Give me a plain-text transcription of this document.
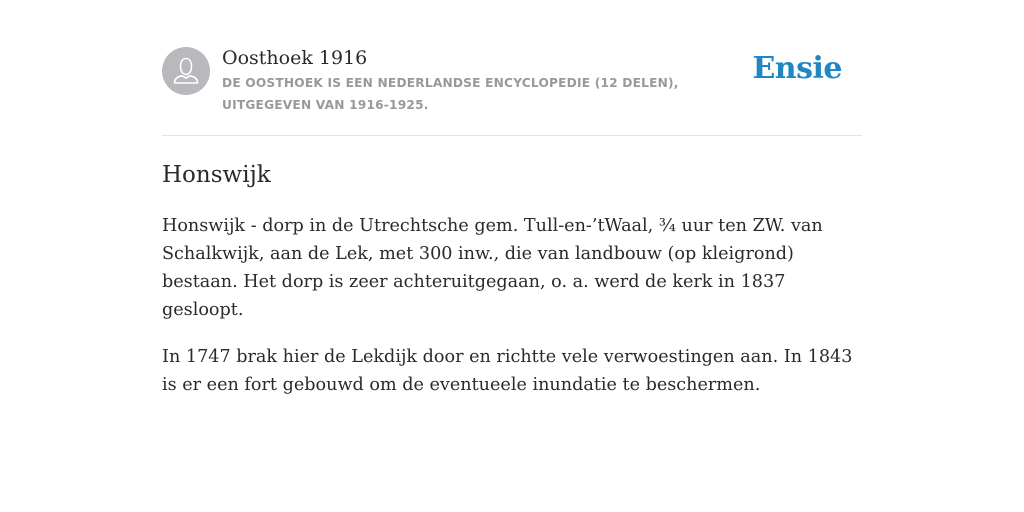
Oosthoek 1916
DE OOSTHOEK IS EEN NEDERLANDSE ENCYCLOPEDIE (12 DELEN), UITGEGEVEN VAN 1916-1925.
Ensie
Honswijk

Honswijk - dorp in de Utrechtsche gem. Tull-en-’tWaal, ¾ uur ten ZW. van Schalkwijk, aan de Lek, met 300 inw., die van landbouw (op kleigrond) bestaan. Het dorp is zeer achteruitgegaan, o. a. werd de kerk in 1837 gesloopt.

In 1747 brak hier de Lekdijk door en richtte vele verwoestingen aan. In 1843 is er een fort gebouwd om de eventueele inundatie te beschermen.
